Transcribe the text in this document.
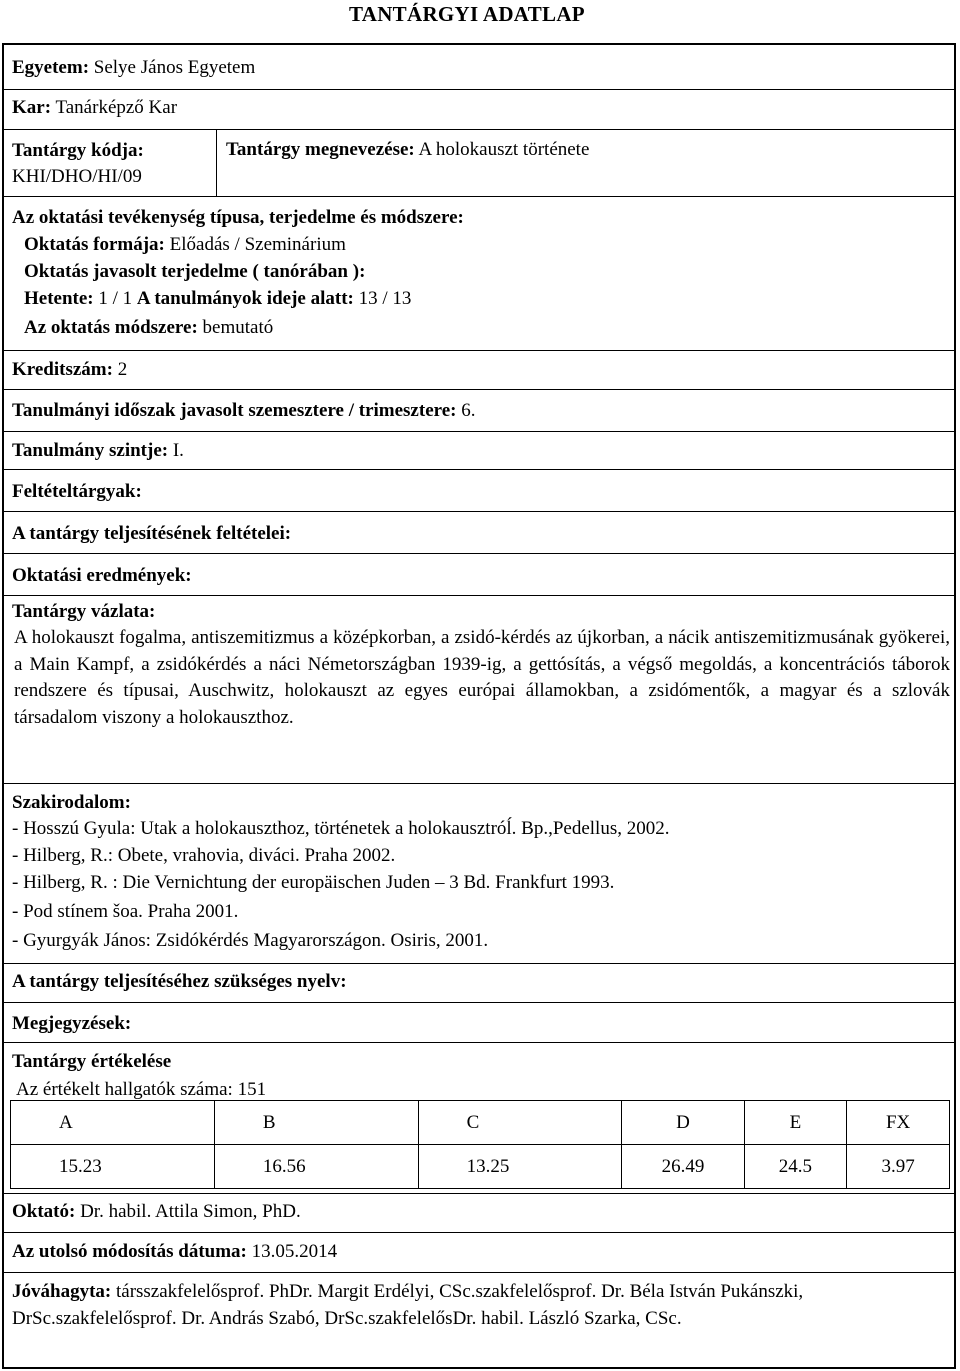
TANTÁRGYI ADATLAP
Egyetem: Selye János Egyetem
Kar: Tanárképző Kar
Tantárgy kódja:
KHI/DHO/HI/09
Tantárgy megnevezése: A holokauszt története
Az oktatási tevékenység típusa, terjedelme és módszere:
Oktatás formája: Előadás / Szeminárium
Oktatás javasolt terjedelme ( tanórában ):
Hetente: 1 / 1 A tanulmányok ideje alatt: 13 / 13
Az oktatás módszere: bemutató
Kreditszám: 2
Tanulmányi időszak javasolt szemesztere / trimesztere: 6.
Tanulmány szintje: I.
Feltételtárgyak:
A tantárgy teljesítésének feltételei:
Oktatási eredmények:
Tantárgy vázlata:
A holokauszt fogalma, antiszemitizmus a középkorban, a zsidó-kérdés az újkorban, a nácik antiszemitizmusának gyökerei, a Main Kampf, a zsidókérdés a náci Németországban 1939-ig, a gettósítás, a végső megoldás, a koncentrációs táborok rendszere és típusai, Auschwitz, holokauszt az egyes európai államokban, a zsidómentők, a magyar és a szlovák társadalom viszony a holokauszthoz.
Szakirodalom:
- Hosszú Gyula: Utak a holokauszthoz, történetek a holokausztróĺ. Bp.,Pedellus, 2002.
- Hilberg, R.: Obete, vrahovia, diváci. Praha 2002.
- Hilberg, R. : Die Vernichtung der europäischen Juden – 3 Bd. Frankfurt 1993.
- Pod stínem šoa. Praha 2001.
- Gyurgyák János: Zsidókérdés Magyarországon. Osiris, 2001.
A tantárgy teljesítéséhez szükséges nyelv:
Megjegyzések:
Tantárgy értékelése
Az értékelt hallgatók száma: 151
A	B	C	D	E	FX
15.23	16.56	13.25	26.49	24.5	3.97
Oktató: Dr. habil. Attila Simon, PhD.
Az utolsó módosítás dátuma: 13.05.2014
Jóváhagyta: társszakfelelősprof. PhDr. Margit Erdélyi, CSc.szakfelelősprof. Dr. Béla István Pukánszki, DrSc.szakfelelősprof. Dr. András Szabó, DrSc.szakfelelősDr. habil. László Szarka, CSc.
